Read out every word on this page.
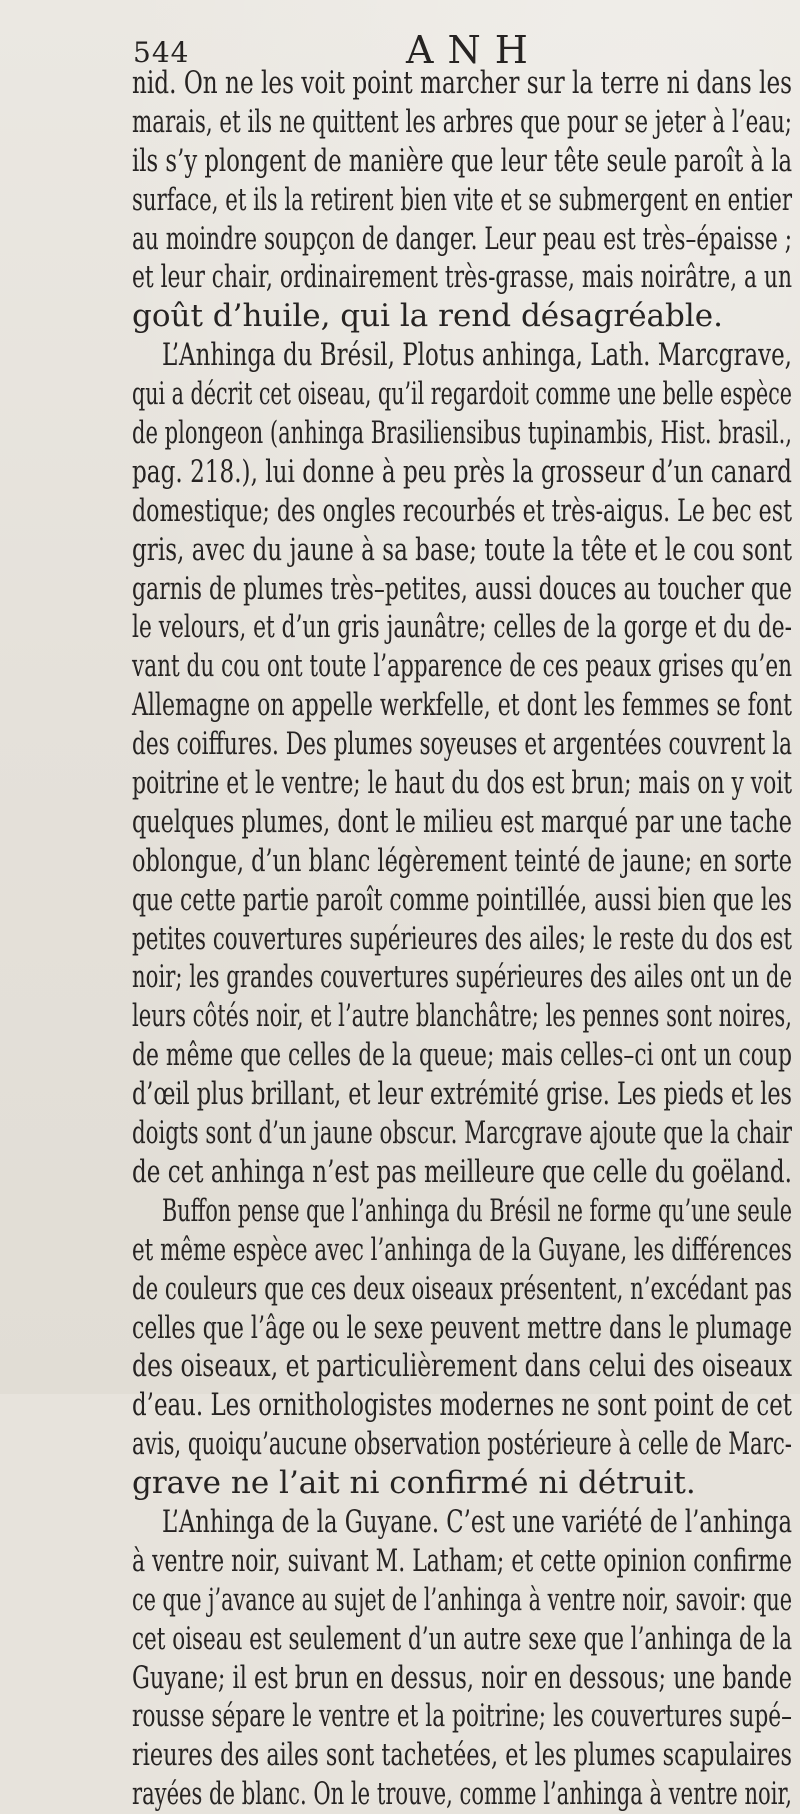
544	ANH
nid. On ne les voit point marcher sur la terre ni dans les
marais, et ils ne quittent les arbres que pour se jeter à l’eau;
ils s’y plongent de manière que leur tête seule paroît à la
surface, et ils la retirent bien vite et se submergent en entier
au moindre soupçon de danger. Leur peau est très–épaisse ;
et leur chair, ordinairement très-grasse, mais noirâtre, a un
goût d’huile, qui la rend désagréable.
L’Anhinga du Brésil, Plotus anhinga, Lath. Marcgrave,
qui a décrit cet oiseau, qu’il regardoit comme une belle espèce
de plongeon (anhinga Brasiliensibus tupinambis, Hist. brasil.,
pag. 218.), lui donne à peu près la grosseur d’un canard
domestique; des ongles recourbés et très-aigus. Le bec est
gris, avec du jaune à sa base; toute la tête et le cou sont
garnis de plumes très–petites, aussi douces au toucher que
le velours, et d’un gris jaunâtre; celles de la gorge et du de-
vant du cou ont toute l’apparence de ces peaux grises qu’en
Allemagne on appelle werkfelle, et dont les femmes se font
des coiffures. Des plumes soyeuses et argentées couvrent la
poitrine et le ventre; le haut du dos est brun; mais on y voit
quelques plumes, dont le milieu est marqué par une tache
oblongue, d’un blanc légèrement teinté de jaune; en sorte
que cette partie paroît comme pointillée, aussi bien que les
petites couvertures supérieures des ailes; le reste du dos est
noir; les grandes couvertures supérieures des ailes ont un de
leurs côtés noir, et l’autre blanchâtre; les pennes sont noires,
de même que celles de la queue; mais celles–ci ont un coup
d’œil plus brillant, et leur extrémité grise. Les pieds et les
doigts sont d’un jaune obscur. Marcgrave ajoute que la chair
de cet anhinga n’est pas meilleure que celle du goëland.
Buffon pense que l’anhinga du Brésil ne forme qu’une seule
et même espèce avec l’anhinga de la Guyane, les différences
de couleurs que ces deux oiseaux présentent, n’excédant pas
celles que l’âge ou le sexe peuvent mettre dans le plumage
des oiseaux, et particulièrement dans celui des oiseaux
d’eau. Les ornithologistes modernes ne sont point de cet
avis, quoiqu’aucune observation postérieure à celle de Marc-
grave ne l’ait ni confirmé ni détruit.
L’Anhinga de la Guyane. C’est une variété de l’anhinga
à ventre noir, suivant M. Latham; et cette opinion confirme
ce que j’avance au sujet de l’anhinga à ventre noir, savoir: que
cet oiseau est seulement d’un autre sexe que l’anhinga de la
Guyane; il est brun en dessus, noir en dessous; une bande
rousse sépare le ventre et la poitrine; les couvertures supé–
rieures des ailes sont tachetées, et les plumes scapulaires
rayées de blanc. On le trouve, comme l’anhinga à ventre noir,
